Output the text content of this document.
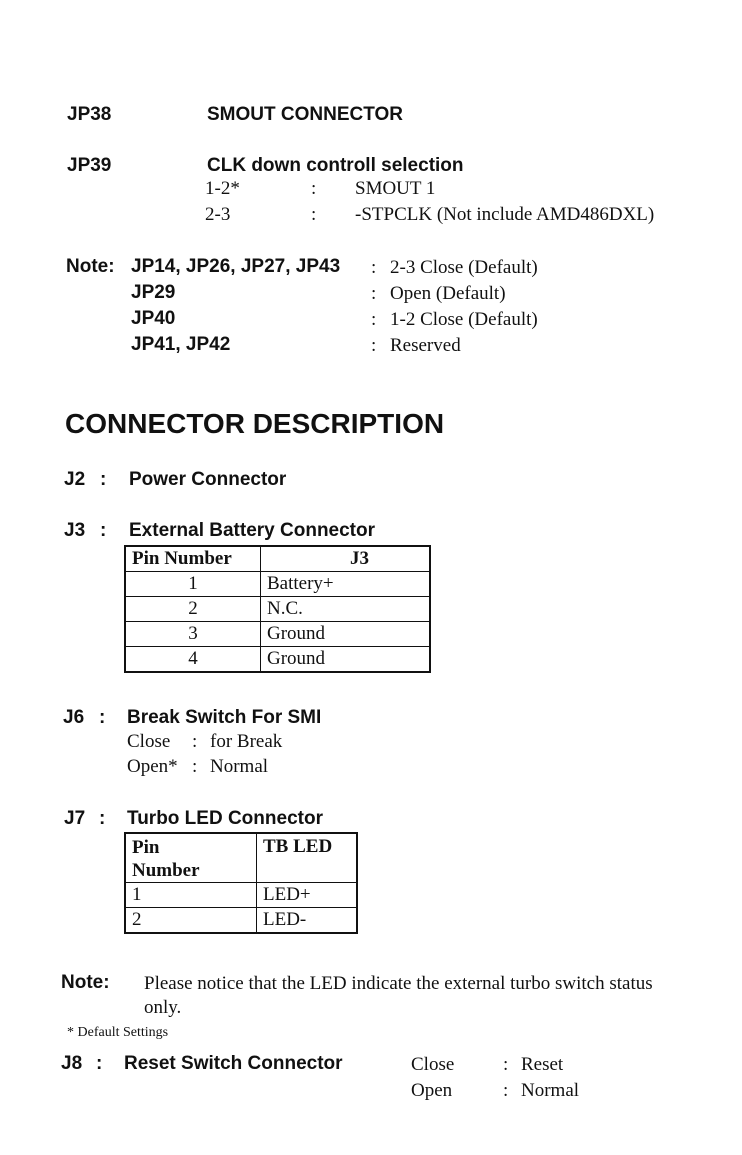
JP38	SMOUT CONNECTOR
JP39	CLK down controll selection
1-2*	: SMOUT 1
2-3	: -STPCLK (Not include AMD486DXL)
Note: JP14, JP26, JP27, JP43 : 2-3 Close (Default)
JP29	: Open (Default)
JP40	: 1-2 Close (Default)
JP41, JP42	: Reserved
CONNECTOR DESCRIPTION
J2 : Power Connector
J3 : External Battery Connector
Pin Number	J3
1	Battery+
2	N.C.
3	Ground
4	Ground
J6 : Break Switch For SMI
Close : for Break
Open* : Normal
J7 : Turbo LED Connector
Pin
Number	TB LED
1	LED+
2	LED-
Note: Please notice that the LED indicate the external turbo switch status
only.
* Default Settings
J8 : Reset Switch Connector	Close	: Reset
Open	: Normal
